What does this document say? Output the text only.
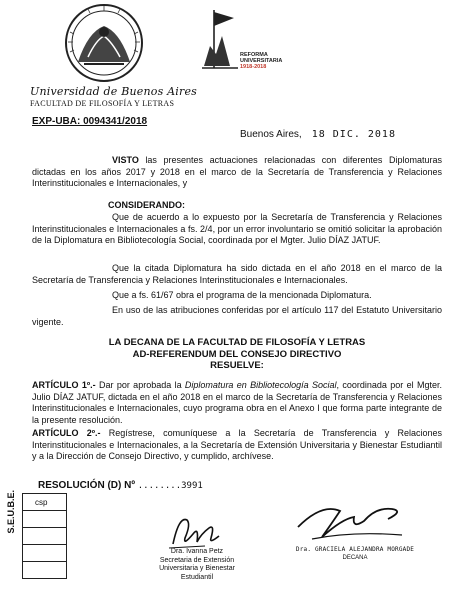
REFORMA
UNIVERSITARIA
1918-2018
Universidad de Buenos Aires
FACULTAD DE FILOSOFÍA Y LETRAS
EXP-UBA: 0094341/2018
Buenos Aires, 18 DIC. 2018
VISTO las presentes actuaciones relacionadas con diferentes Diplomaturas dictadas en los años 2017 y 2018 en el marco de la Secretaría de Transferencia y Relaciones Interinstitucionales e Internacionales, y
CONSIDERANDO:
Que de acuerdo a lo expuesto por la Secretaría de Transferencia y Relaciones Interinstitucionales e Internacionales a fs. 2/4, por un error involuntario se omitió solicitar la aprobación de la Diplomatura en Bibliotecología Social, coordinada por el Mgter. Julio DÍAZ JATUF.
Que la citada Diplomatura ha sido dictada en el año 2018 en el marco de la Secretaría de Transferencia y Relaciones Interinstitucionales e Internacionales.
Que a fs. 61/67 obra el programa de la mencionada Diplomatura.
En uso de las atribuciones conferidas por el artículo 117 del Estatuto Universitario vigente.
LA DECANA DE LA FACULTAD DE FILOSOFÍA Y LETRAS
AD-REFERENDUM DEL CONSEJO DIRECTIVO
RESUELVE:
ARTÍCULO 1º.- Dar por aprobada la Diplomatura en Bibliotecología Social, coordinada por el Mgter. Julio DÍAZ JATUF, dictada en el año 2018 en el marco de la Secretaría de Transferencia y Relaciones Interinstitucionales e Internacionales, cuyo programa obra en el Anexo I que forma parte integrante de la presente resolución.
ARTÍCULO 2º.- Regístrese, comuníquese a la Secretaría de Transferencia y Relaciones Interinstitucionales e Internacionales, a la Secretaría de Extensión Universitaria y Bienestar Estudiantil y a la Dirección de Consejo Directivo, y cumplido, archívese.
RESOLUCIÓN (D) Nº ........3991
S.E.U.B.E. csp

Dra. Ivanna Petz
Secretaria de Extensión
Universitaria y Bienestar Estudiantil
Dra. GRACIELA ALEJANDRA MORGADE
DECANA
